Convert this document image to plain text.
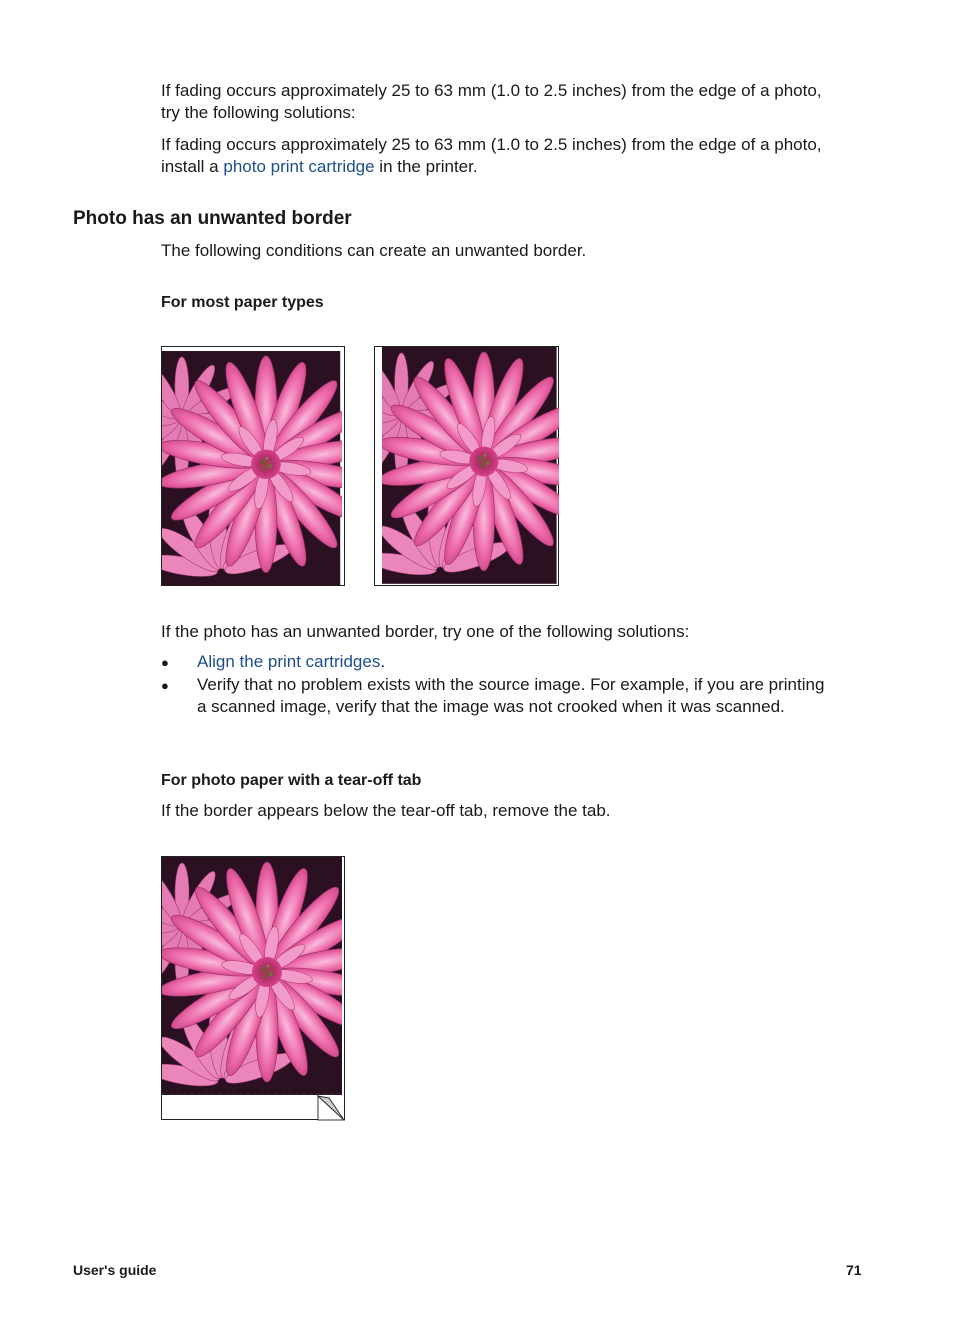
If fading occurs approximately 25 to 63 mm (1.0 to 2.5 inches) from the edge of a photo, try the following solutions:

If fading occurs approximately 25 to 63 mm (1.0 to 2.5 inches) from the edge of a photo, install a photo print cartridge in the printer.

Photo has an unwanted border

The following conditions can create an unwanted border.

For most paper types

If the photo has an unwanted border, try one of the following solutions:

● Align the print cartridges.

● Verify that no problem exists with the source image. For example, if you are printing a scanned image, verify that the image was not crooked when it was scanned.

For photo paper with a tear-off tab

If the border appears below the tear-off tab, remove the tab.

User's guide	71
